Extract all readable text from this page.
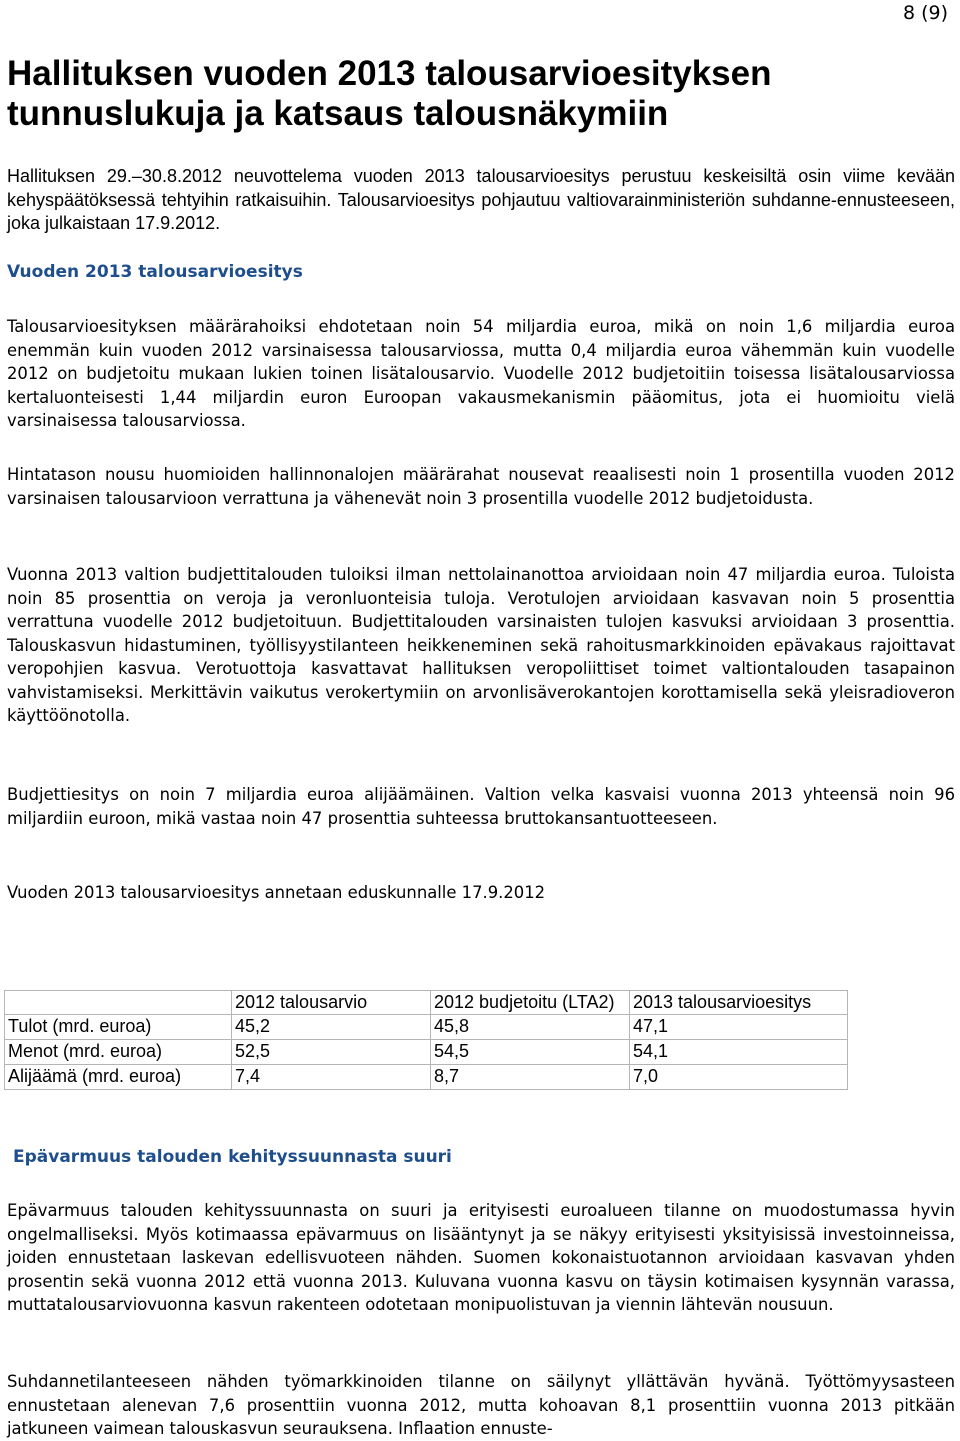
8 (9)
Hallituksen vuoden 2013 talousarvioesityksen tunnuslukuja ja katsaus talousnäkymiin

Hallituksen 29.–30.8.2012 neuvottelema vuoden 2013 talousarvioesitys perustuu keskeisiltä osin viime kevään kehyspäätöksessä tehtyihin ratkaisuihin. Talousarvioesitys pohjautuu valtiovarainministeriön suhdanne-ennusteeseen, joka julkaistaan 17.9.2012.

Vuoden 2013 talousarvioesitys

Talousarvioesityksen määrärahoiksi ehdotetaan noin 54 miljardia euroa, mikä on noin 1,6 miljardia euroa enemmän kuin vuoden 2012 varsinaisessa talousarviossa, mutta 0,4 miljardia euroa vähemmän kuin vuodelle 2012 on budjetoitu mukaan lukien toinen lisätalousarvio. Vuodelle 2012 budjetoitiin toisessa lisätalousarviossa kertaluonteisesti 1,44 miljardin euron Euroopan vakausmekanismin pääomitus, jota ei huomioitu vielä varsinaisessa talousarviossa.

Hintatason nousu huomioiden hallinnonalojen määrärahat nousevat reaalisesti noin 1 prosentilla vuoden 2012 varsinaisen talousarvioon verrattuna ja vähenevät noin 3 prosentilla vuodelle 2012 budjetoidusta.

Vuonna 2013 valtion budjettitalouden tuloiksi ilman nettolainanottoa arvioidaan noin 47 miljardia euroa. Tuloista noin 85 prosenttia on veroja ja veronluonteisia tuloja. Verotulojen arvioidaan kasvavan noin 5 prosenttia verrattuna vuodelle 2012 budjetoituun. Budjettitalouden varsinaisten tulojen kasvuksi arvioidaan 3 prosenttia. Talouskasvun hidastuminen, työllisyystilanteen heikkeneminen sekä rahoitusmarkkinoiden epävakaus rajoittavat veropohjien kasvua. Verotuottoja kasvattavat hallituksen veropoliittiset toimet valtiontalouden tasapainon vahvistamiseksi. Merkittävin vaikutus verokertymiin on arvonlisäverokantojen korottamisella sekä yleisradioveron käyttöönotolla.

Budjettiesitys on noin 7 miljardia euroa alijäämäinen. Valtion velka kasvaisi vuonna 2013 yhteensä noin 96 miljardiin euroon, mikä vastaa noin 47 prosenttia suhteessa bruttokansantuotteeseen.

Vuoden 2013 talousarvioesitys annetaan eduskunnalle 17.9.2012

	2012 talousarvio	2012 budjetoitu (LTA2)	2013 talousarvioesitys
Tulot (mrd. euroa)	45,2	45,8	47,1
Menot (mrd. euroa)	52,5	54,5	54,1
Alijäämä (mrd. euroa)	7,4	8,7	7,0
Epävarmuus talouden kehityssuunnasta suuri

Epävarmuus talouden kehityssuunnasta on suuri ja erityisesti euroalueen tilanne on muodostumassa hyvin ongelmalliseksi. Myös kotimaassa epävarmuus on lisääntynyt ja se näkyy erityisesti yksityisissä investoinneissa, joiden ennustetaan laskevan edellisvuoteen nähden. Suomen kokonaistuotannon arvioidaan kasvavan yhden prosentin sekä vuonna 2012 että vuonna 2013. Kuluvana vuonna kasvu on täysin kotimaisen kysynnän varassa, muttatalousarviovuonna kasvun rakenteen odotetaan monipuolistuvan ja viennin lähtevän nousuun.

Suhdannetilanteeseen nähden työmarkkinoiden tilanne on säilynyt yllättävän hyvänä. Työttömyysasteen ennustetaan alenevan 7,6 prosenttiin vuonna 2012, mutta kohoavan 8,1 prosenttiin vuonna 2013 pitkään jatkuneen vaimean talouskasvun seurauksena. Inflaation ennuste-
